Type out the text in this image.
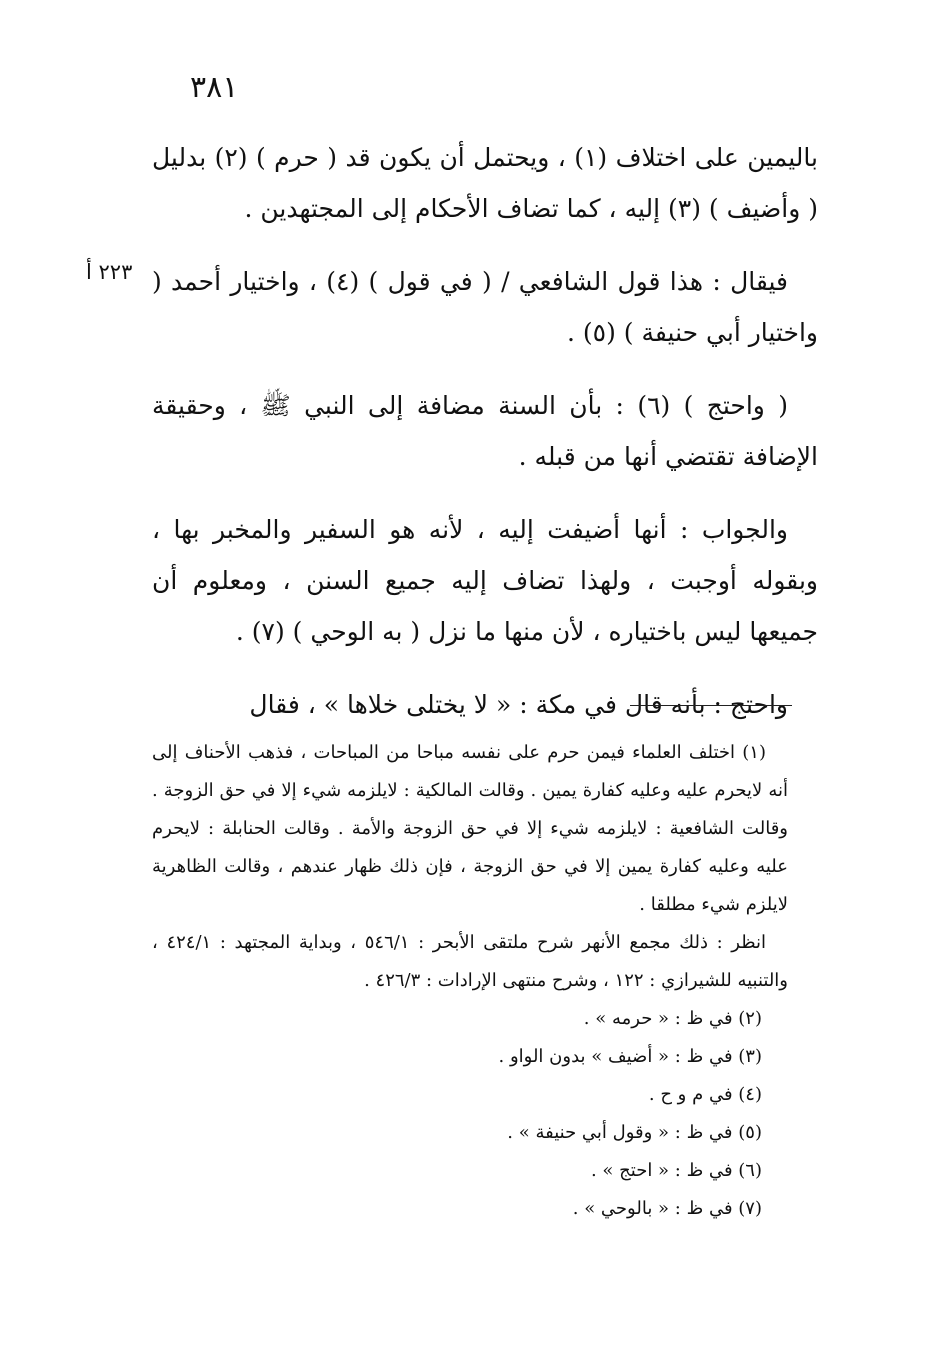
٣٨١
٢٢٣ أ

باليمين على اختلاف (١) ، ويحتمل أن يكون قد ( حرم ) (٢) بدليل ( وأضيف ) (٣) إليه ، كما تضاف الأحكام إلى المجتهدين .

فيقال : هذا قول الشافعي / ( في قول ) (٤) ، واختيار أحمد ( واختيار أبي حنيفة ) (٥) .

( واحتج ) (٦) : بأن السنة مضافة إلى النبي ﷺ ، وحقيقة الإضافة تقتضي أنها من قبله .

والجواب : أنها أضيفت إليه ، لأنه هو السفير والمخبر بها ، وبقوله أوجبت ، ولهذا تضاف إليه جميع السنن ، ومعلوم أن جميعها ليس باختياره ، لأن منها ما نزل ( به الوحي ) (٧) .

واحتج : بأنه قال في مكة : « لا يختلى خلاها » ، فقال

(١) اختلف العلماء فيمن حرم على نفسه مباحا من المباحات ، فذهب الأحناف إلى أنه لايحرم عليه وعليه كفارة يمين . وقالت المالكية : لايلزمه شيء إلا في حق الزوجة . وقالت الشافعية : لايلزمه شيء إلا في حق الزوجة والأمة . وقالت الحنابلة : لايحرم عليه وعليه كفارة يمين إلا في حق الزوجة ، فإن ذلك ظهار عندهم ، وقالت الظاهرية لايلزم شيء مطلقا .

انظر : ذلك مجمع الأنهر شرح ملتقى الأبحر : ٥٤٦/١ ، وبداية المجتهد : ٤٢٤/١ ، والتنبيه للشيرازي : ١٢٢ ، وشرح منتهى الإرادات : ٤٢٦/٣ .

(٢) في ظ : « حرمه » .

(٣) في ظ : « أضيف » بدون الواو .

(٤) في م و ح .

(٥) في ظ : « وقول أبي حنيفة » .

(٦) في ظ : « احتج » .

(٧) في ظ : « بالوحي » .
